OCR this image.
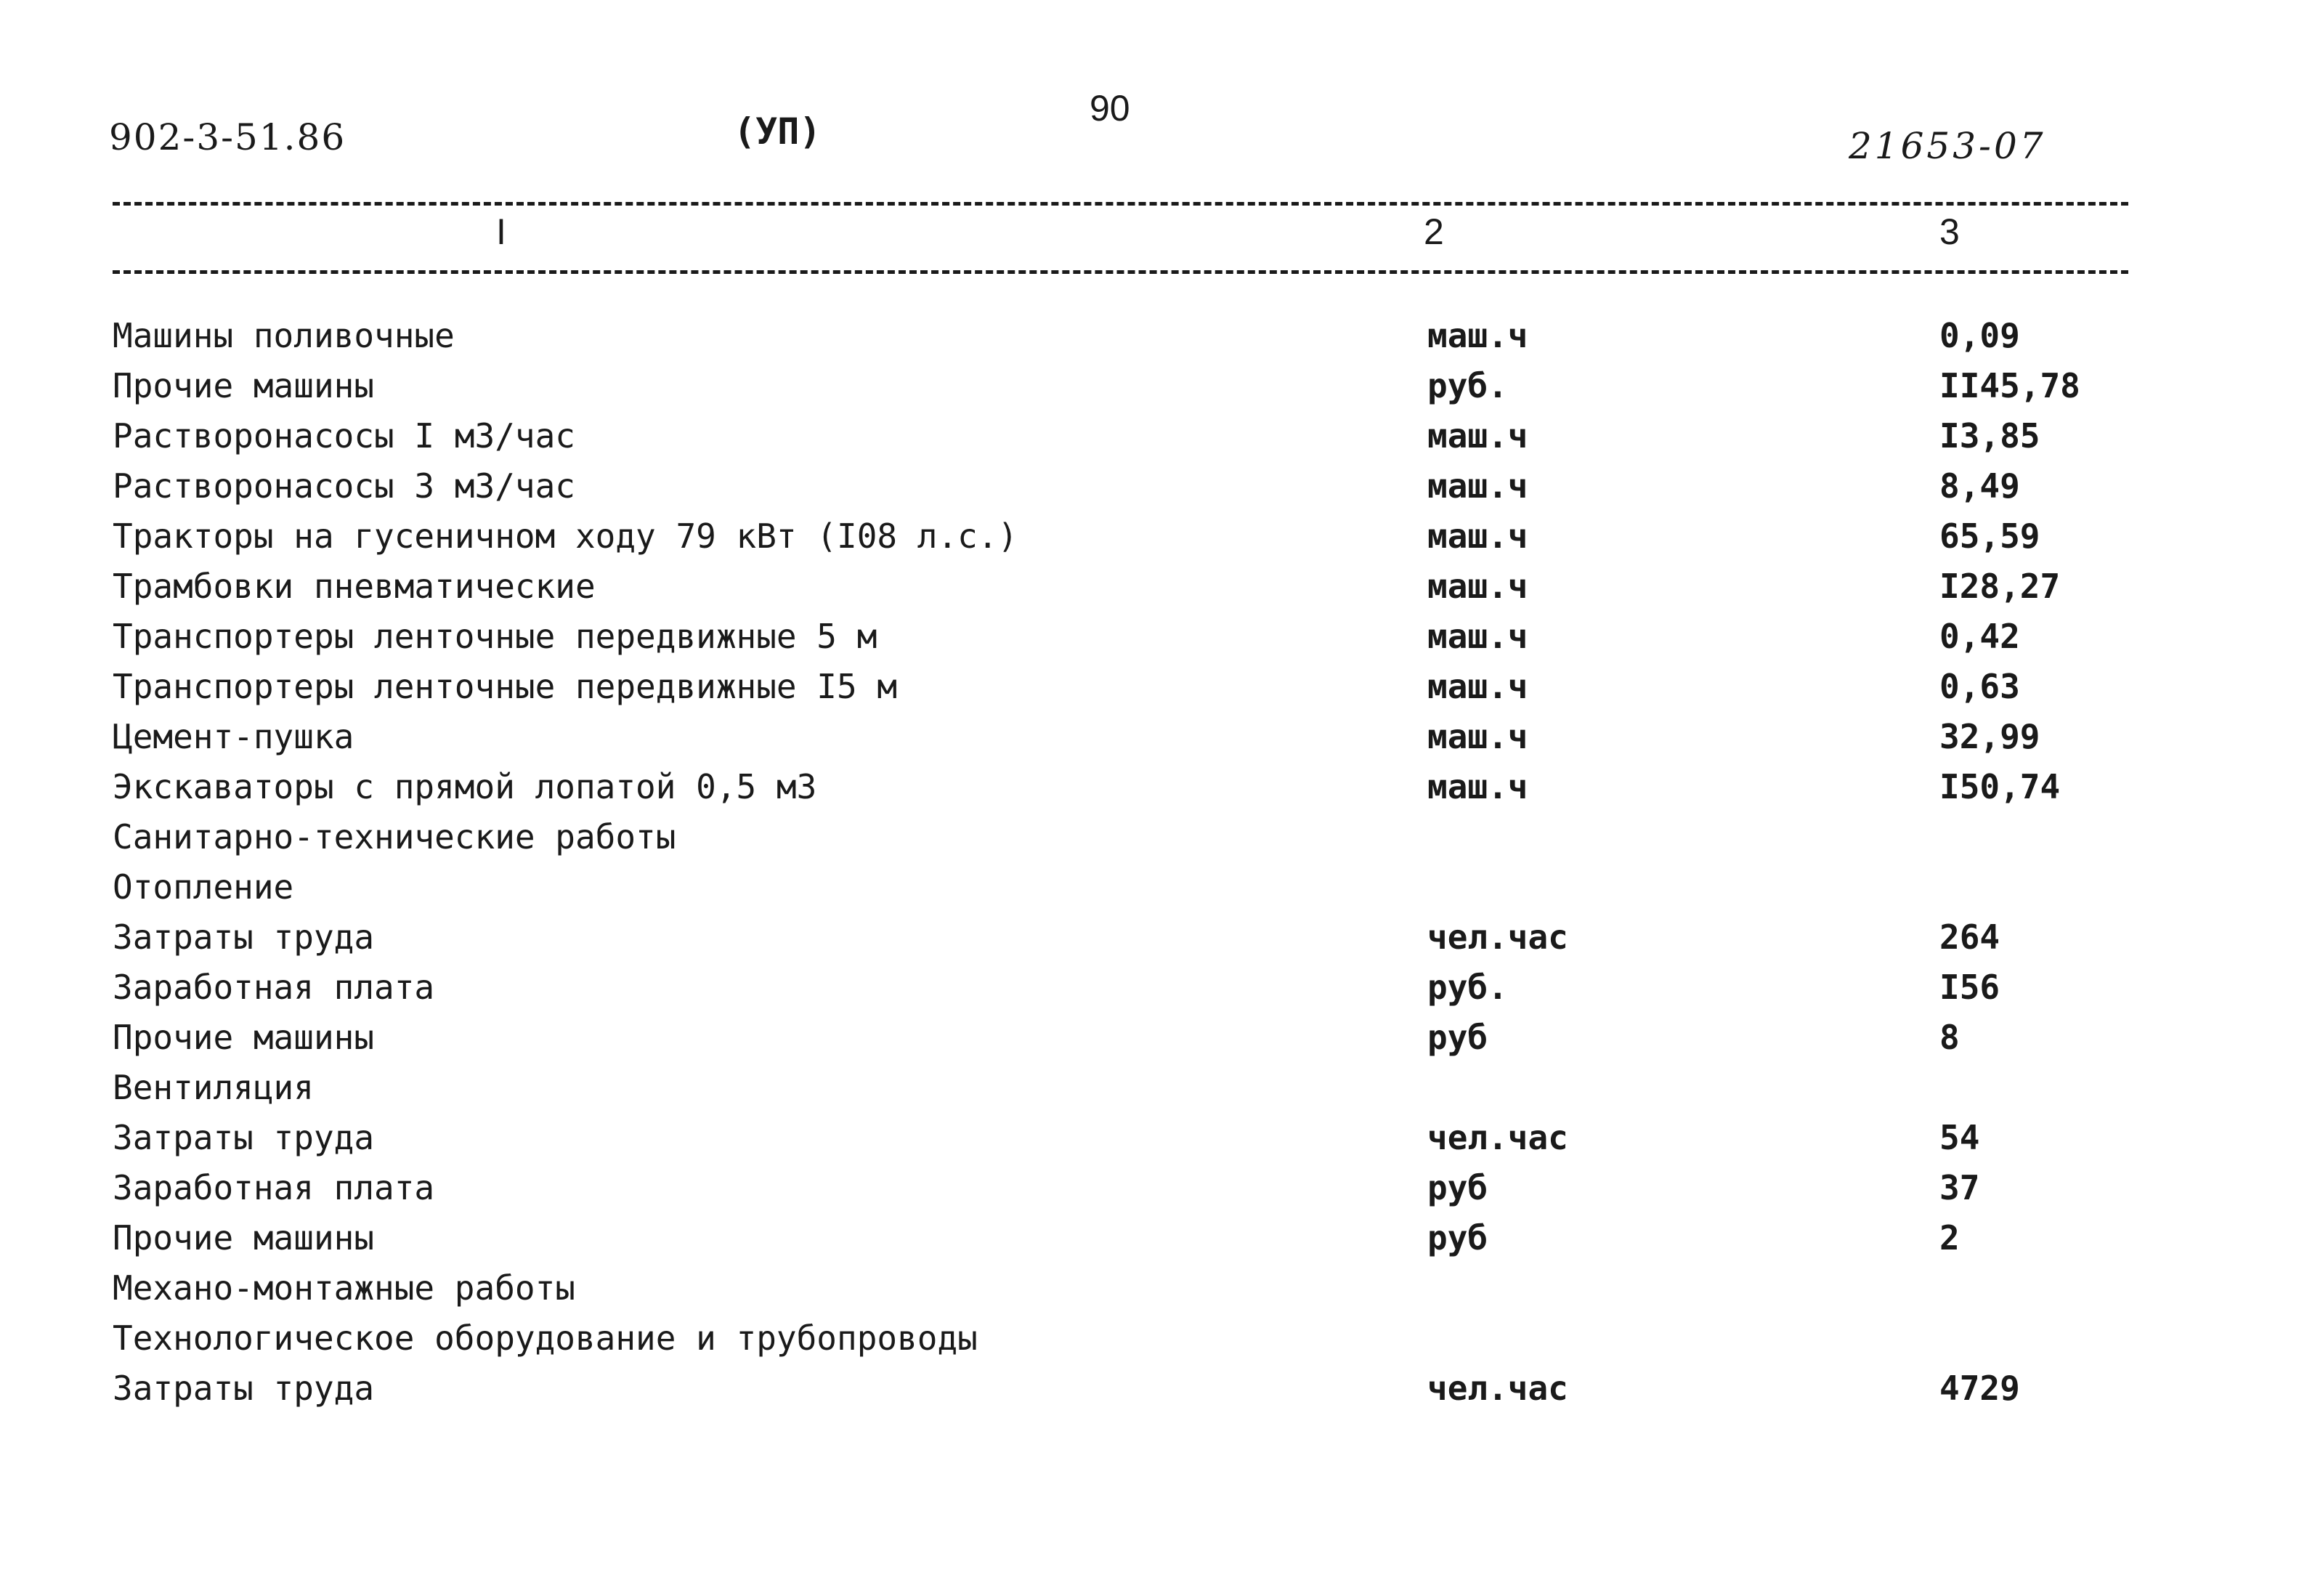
902-3-51.86	(УП)
90
21653-07
I	2	3
Машины поливочные	маш.ч	0,09
Прочие машины	руб.	II45,78
Растворонасосы I м3/час	маш.ч	I3,85
Растворонасосы 3 м3/час	маш.ч	8,49
Тракторы на гусеничном ходу 79 кВт (I08 л.с.)	маш.ч	65,59
Трамбовки пневматические	маш.ч	I28,27
Транспортеры ленточные передвижные 5 м	маш.ч	0,42
Транспортеры ленточные передвижные I5 м	маш.ч	0,63
Цемент-пушка	маш.ч	32,99
Экскаваторы с прямой лопатой 0,5 м3	маш.ч	I50,74
Санитарно-технические работы
Отопление
Затраты труда	чел.час	264
Заработная плата	руб.	I56
Прочие машины	руб	8
Вентиляция
Затраты труда	чел.час	54
Заработная плата	руб	37
Прочие машины	руб	2
Механо-монтажные работы
Технологическое оборудование и трубопроводы
Затраты труда	чел.час	4729
